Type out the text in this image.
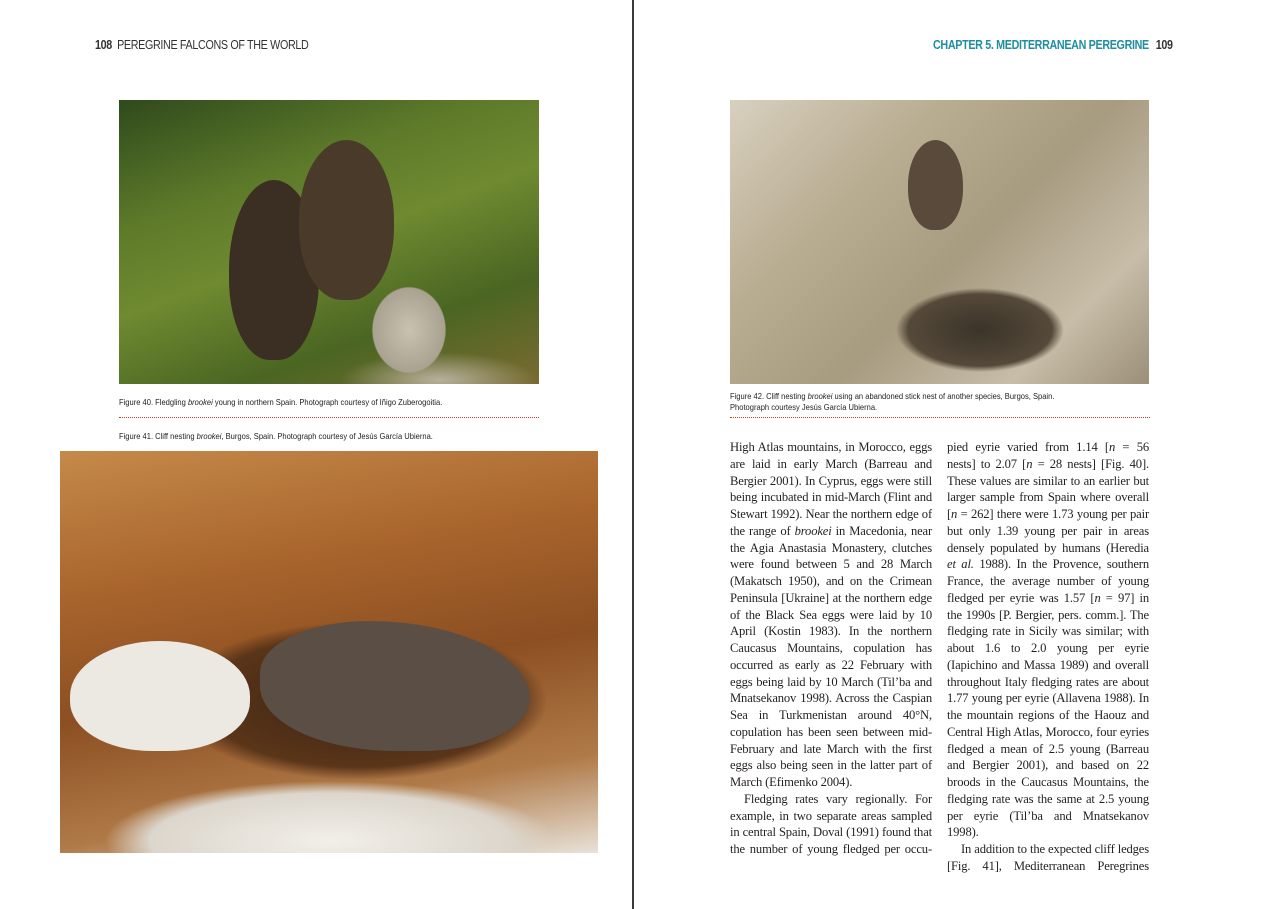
108 PEREGRINE FALCONS OF THE WORLD	CHAPTER 5. MEDITERRANEAN PEREGRINE 109
Figure 40. Fledgling brookei young in northern Spain. Photograph courtesy of Iñigo Zuberogoitia.
Figure 41. Cliff nesting brookei, Burgos, Spain. Photograph courtesy of Jesús García Ubierna.
Figure 42. Cliff nesting brookei using an abandoned stick nest of another species, Burgos, Spain.
Photograph courtesy Jesús García Ubierna.

High Atlas mountains, in Morocco, eggs are laid in early March (Barreau and Bergier 2001). In Cyprus, eggs were still being incubated in mid-March (Flint and Stewart 1992). Near the northern edge of the range of brookei in Macedonia, near the Agia Anastasia Monastery, clutches were found between 5 and 28 March (Makatsch 1950), and on the Crimean Peninsula [Ukraine] at the northern edge of the Black Sea eggs were laid by 10 April (Kostin 1983). In the northern Caucasus Mountains, copulation has occurred as early as 22 February with eggs being laid by 10 March (Til’ba and Mnatsekanov 1998). Across the Caspian Sea in Turkmenistan around 40°N, copulation has been seen between mid-February and late March with the first eggs also being seen in the latter part of March (Efimenko 2004).

Fledging rates vary regionally. For example, in two separate areas sampled in central Spain, Doval (1991) found that the number of young fledged per occu-

pied eyrie varied from 1.14 [n = 56 nests] to 2.07 [n = 28 nests] [Fig. 40]. These values are similar to an earlier but larger sample from Spain where overall [n = 262] there were 1.73 young per pair but only 1.39 young per pair in areas densely populated by humans (Heredia et al. 1988). In the Provence, southern France, the average number of young fledged per eyrie was 1.57 [n = 97] in the 1990s [P. Bergier, pers. comm.]. The fledging rate in Sicily was similar; with about 1.6 to 2.0 young per eyrie (Iapichino and Massa 1989) and overall throughout Italy fledging rates are about 1.77 young per eyrie (Allavena 1988). In the mountain regions of the Haouz and Central High Atlas, Morocco, four eyries fledged a mean of 2.5 young (Barreau and Bergier 2001), and based on 22 broods in the Caucasus Mountains, the fledging rate was the same at 2.5 young per eyrie (Til’ba and Mnatsekanov 1998).

In addition to the expected cliff ledges [Fig. 41], Mediterranean Peregrines
